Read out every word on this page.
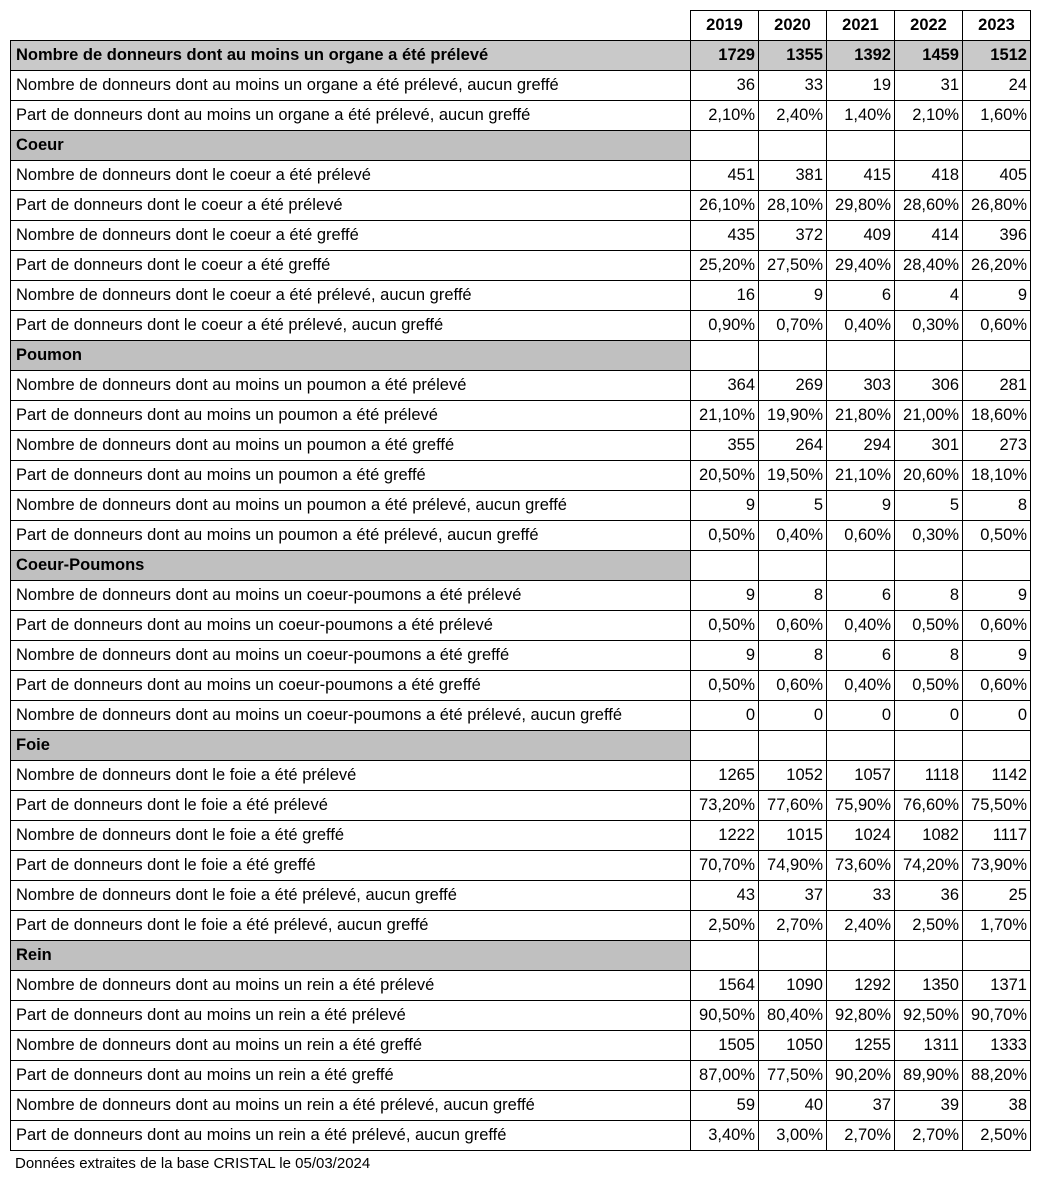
	2019	2020	2021	2022	2023
Nombre de donneurs dont au moins un organe a été prélevé	1729	1355	1392	1459	1512
Nombre de donneurs dont au moins un organe a été prélevé, aucun greffé	36	33	19	31	24
Part de donneurs dont au moins un organe a été prélevé, aucun greffé	2,10%	2,40%	1,40%	2,10%	1,60%
Coeur					
Nombre de donneurs dont le coeur a été prélevé	451	381	415	418	405
Part de donneurs dont le coeur a été prélevé	26,10%	28,10%	29,80%	28,60%	26,80%
Nombre de donneurs dont le coeur a été greffé	435	372	409	414	396
Part de donneurs dont le coeur a été greffé	25,20%	27,50%	29,40%	28,40%	26,20%
Nombre de donneurs dont le coeur a été prélevé, aucun greffé	16	9	6	4	9
Part de donneurs dont le coeur a été prélevé, aucun greffé	0,90%	0,70%	0,40%	0,30%	0,60%
Poumon					
Nombre de donneurs dont au moins un poumon a été prélevé	364	269	303	306	281
Part de donneurs dont au moins un poumon a été prélevé	21,10%	19,90%	21,80%	21,00%	18,60%
Nombre de donneurs dont au moins un poumon a été greffé	355	264	294	301	273
Part de donneurs dont au moins un poumon a été greffé	20,50%	19,50%	21,10%	20,60%	18,10%
Nombre de donneurs dont au moins un poumon a été prélevé, aucun greffé	9	5	9	5	8
Part de donneurs dont au moins un poumon a été prélevé, aucun greffé	0,50%	0,40%	0,60%	0,30%	0,50%
Coeur-Poumons					
Nombre de donneurs dont au moins un coeur-poumons a été prélevé	9	8	6	8	9
Part de donneurs dont au moins un coeur-poumons a été prélevé	0,50%	0,60%	0,40%	0,50%	0,60%
Nombre de donneurs dont au moins un coeur-poumons a été greffé	9	8	6	8	9
Part de donneurs dont au moins un coeur-poumons a été greffé	0,50%	0,60%	0,40%	0,50%	0,60%
Nombre de donneurs dont au moins un coeur-poumons a été prélevé, aucun greffé	0	0	0	0	0
Foie					
Nombre de donneurs dont le foie a été prélevé	1265	1052	1057	1118	1142
Part de donneurs dont le foie a été prélevé	73,20%	77,60%	75,90%	76,60%	75,50%
Nombre de donneurs dont le foie a été greffé	1222	1015	1024	1082	1117
Part de donneurs dont le foie a été greffé	70,70%	74,90%	73,60%	74,20%	73,90%
Nombre de donneurs dont le foie a été prélevé, aucun greffé	43	37	33	36	25
Part de donneurs dont le foie a été prélevé, aucun greffé	2,50%	2,70%	2,40%	2,50%	1,70%
Rein					
Nombre de donneurs dont au moins un rein a été prélevé	1564	1090	1292	1350	1371
Part de donneurs dont au moins un rein a été prélevé	90,50%	80,40%	92,80%	92,50%	90,70%
Nombre de donneurs dont au moins un rein a été greffé	1505	1050	1255	1311	1333
Part de donneurs dont au moins un rein a été greffé	87,00%	77,50%	90,20%	89,90%	88,20%
Nombre de donneurs dont au moins un rein a été prélevé, aucun greffé	59	40	37	39	38
Part de donneurs dont au moins un rein a été prélevé, aucun greffé	3,40%	3,00%	2,70%	2,70%	2,50%
Données extraites de la base CRISTAL le 05/03/2024
